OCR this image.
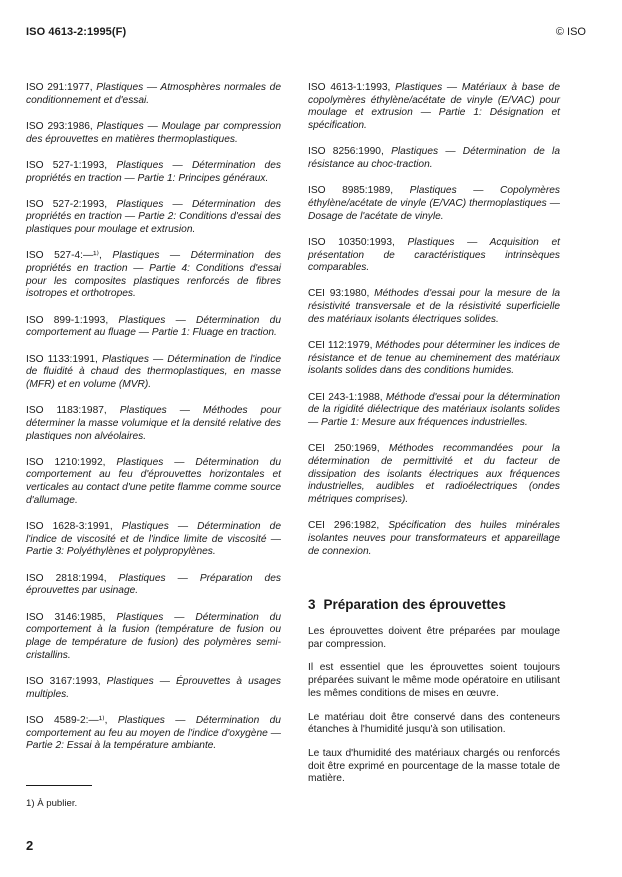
ISO 4613-2:1995(F)	© ISO

ISO 291:1977, Plastiques — Atmosphères normales de conditionnement et d'essai.

ISO 293:1986, Plastiques — Moulage par compression des éprouvettes en matières thermoplastiques.

ISO 527-1:1993, Plastiques — Détermination des propriétés en traction — Partie 1: Principes généraux.

ISO 527-2:1993, Plastiques — Détermination des propriétés en traction — Partie 2: Conditions d'essai des plastiques pour moulage et extrusion.

ISO 527-4:—¹⁾, Plastiques — Détermination des propriétés en traction — Partie 4: Conditions d'essai pour les composites plastiques renforcés de fibres isotropes et orthotropes.

ISO 899-1:1993, Plastiques — Détermination du comportement au fluage — Partie 1: Fluage en traction.

ISO 1133:1991, Plastiques — Détermination de l'indice de fluidité à chaud des thermoplastiques, en masse (MFR) et en volume (MVR).

ISO 1183:1987, Plastiques — Méthodes pour déterminer la masse volumique et la densité relative des plastiques non alvéolaires.

ISO 1210:1992, Plastiques — Détermination du comportement au feu d'éprouvettes horizontales et verticales au contact d'une petite flamme comme source d'allumage.

ISO 1628-3:1991, Plastiques — Détermination de l'indice de viscosité et de l'indice limite de viscosité — Partie 3: Polyéthylènes et polypropylènes.

ISO 2818:1994, Plastiques — Préparation des éprouvettes par usinage.

ISO 3146:1985, Plastiques — Détermination du comportement à la fusion (température de fusion ou plage de température de fusion) des polymères semi-cristallins.

ISO 3167:1993, Plastiques — Éprouvettes à usages multiples.

ISO 4589-2:—¹⁾, Plastiques — Détermination du comportement au feu au moyen de l'indice d'oxygène — Partie 2: Essai à la température ambiante.

ISO 4613-1:1993, Plastiques — Matériaux à base de copolymères éthylène/acétate de vinyle (E/VAC) pour moulage et extrusion — Partie 1: Désignation et spécification.

ISO 8256:1990, Plastiques — Détermination de la résistance au choc-traction.

ISO 8985:1989, Plastiques — Copolymères éthylène/acétate de vinyle (E/VAC) thermoplastiques — Dosage de l'acétate de vinyle.

ISO 10350:1993, Plastiques — Acquisition et présentation de caractéristiques intrinsèques comparables.

CEI 93:1980, Méthodes d'essai pour la mesure de la résistivité transversale et de la résistivité superficielle des matériaux isolants électriques solides.

CEI 112:1979, Méthodes pour déterminer les indices de résistance et de tenue au cheminement des matériaux isolants solides dans des conditions humides.

CEI 243-1:1988, Méthode d'essai pour la détermination de la rigidité diélectrique des matériaux isolants solides — Partie 1: Mesure aux fréquences industrielles.

CEI 250:1969, Méthodes recommandées pour la détermination de permittivité et du facteur de dissipation des isolants électriques aux fréquences industrielles, audibles et radioélectriques (ondes métriques comprises).

CEI 296:1982, Spécification des huiles minérales isolantes neuves pour transformateurs et appareillage de connexion.

3 Préparation des éprouvettes

Les éprouvettes doivent être préparées par moulage par compression.

Il est essentiel que les éprouvettes soient toujours préparées suivant le même mode opératoire en utilisant les mêmes conditions de mises en œuvre.

Le matériau doit être conservé dans des conteneurs étanches à l'humidité jusqu'à son utilisation.

Le taux d'humidité des matériaux chargés ou renforcés doit être exprimé en pourcentage de la masse totale de matière.

1) À publier.
2
